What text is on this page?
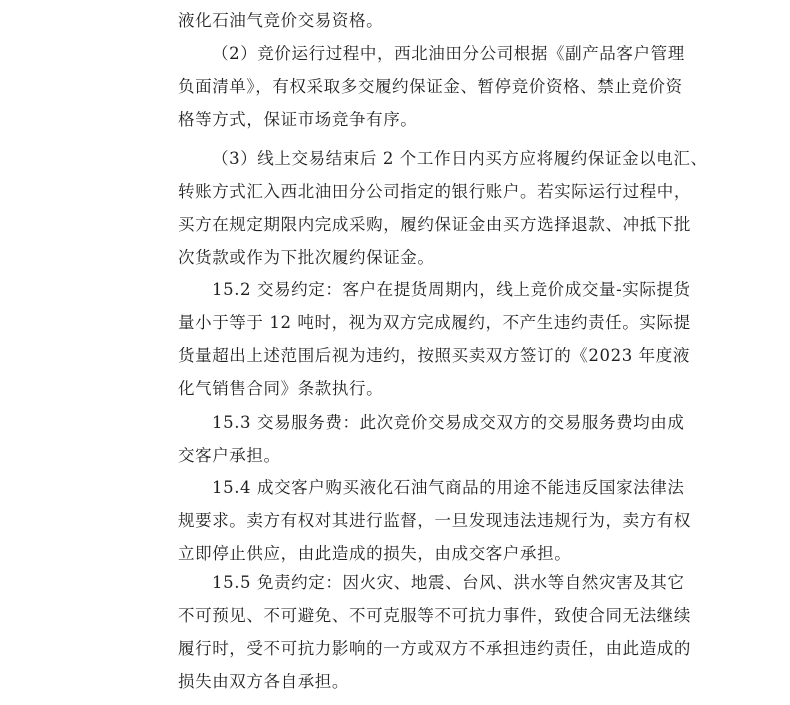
液化石油气竞价交易资格。

（2）竞价运行过程中，西北油田分公司根据《副产品客户管理
负面清单》，有权采取多交履约保证金、暂停竞价资格、禁止竞价资
格等方式，保证市场竞争有序。

（3）线上交易结束后 2 个工作日内买方应将履约保证金以电汇、
转账方式汇入西北油田分公司指定的银行账户。若实际运行过程中，
买方在规定期限内完成采购，履约保证金由买方选择退款、冲抵下批
次货款或作为下批次履约保证金。

15.2 交易约定：客户在提货周期内，线上竞价成交量-实际提货
量小于等于 12 吨时，视为双方完成履约，不产生违约责任。实际提
货量超出上述范围后视为违约，按照买卖双方签订的《2023 年度液
化气销售合同》条款执行。

15.3 交易服务费：此次竞价交易成交双方的交易服务费均由成
交客户承担。

15.4 成交客户购买液化石油气商品的用途不能违反国家法律法
规要求。卖方有权对其进行监督，一旦发现违法违规行为，卖方有权
立即停止供应，由此造成的损失，由成交客户承担。

15.5 免责约定：因火灾、地震、台风、洪水等自然灾害及其它
不可预见、不可避免、不可克服等不可抗力事件，致使合同无法继续
履行时，受不可抗力影响的一方或双方不承担违约责任，由此造成的
损失由双方各自承担。
